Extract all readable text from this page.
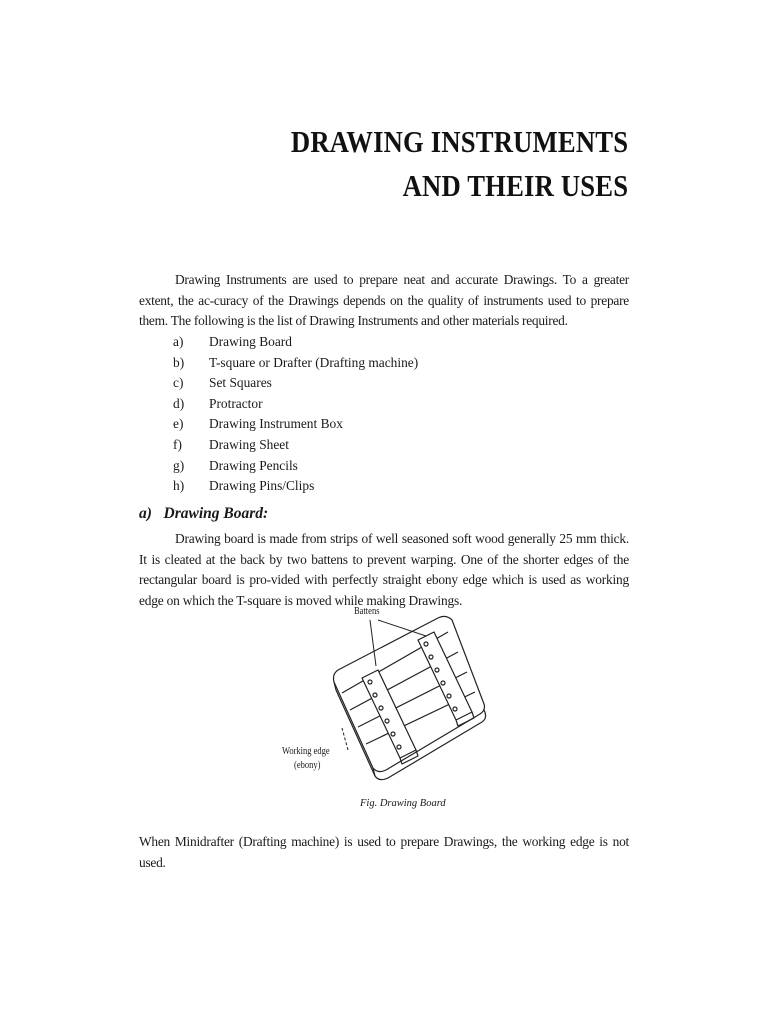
DRAWING INSTRUMENTS
AND THEIR USES

Drawing Instruments are used to prepare neat and accurate Drawings. To a greater extent, the ac-curacy of the Drawings depends on the quality of instruments used to prepare them. The following is the list of Drawing Instruments and other materials required.

a) Drawing Board
b) T-square or Drafter (Drafting machine)
c) Set Squares
d) Protractor
e) Drawing Instrument Box
f) Drawing Sheet
g) Drawing Pencils
h) Drawing Pins/Clips
a)   Drawing Board:

Drawing board is made from strips of well seasoned soft wood generally 25 mm thick. It is cleated at the back by two battens to prevent warping. One of the shorter edges of the rectangular board is pro-vided with perfectly straight ebony edge which is used as working edge on which the T-square is moved while making Drawings.

Battens
Working edge
(ebony)

Fig. Drawing Board

When Minidrafter (Drafting machine) is used to prepare Drawings, the working edge is not used.
